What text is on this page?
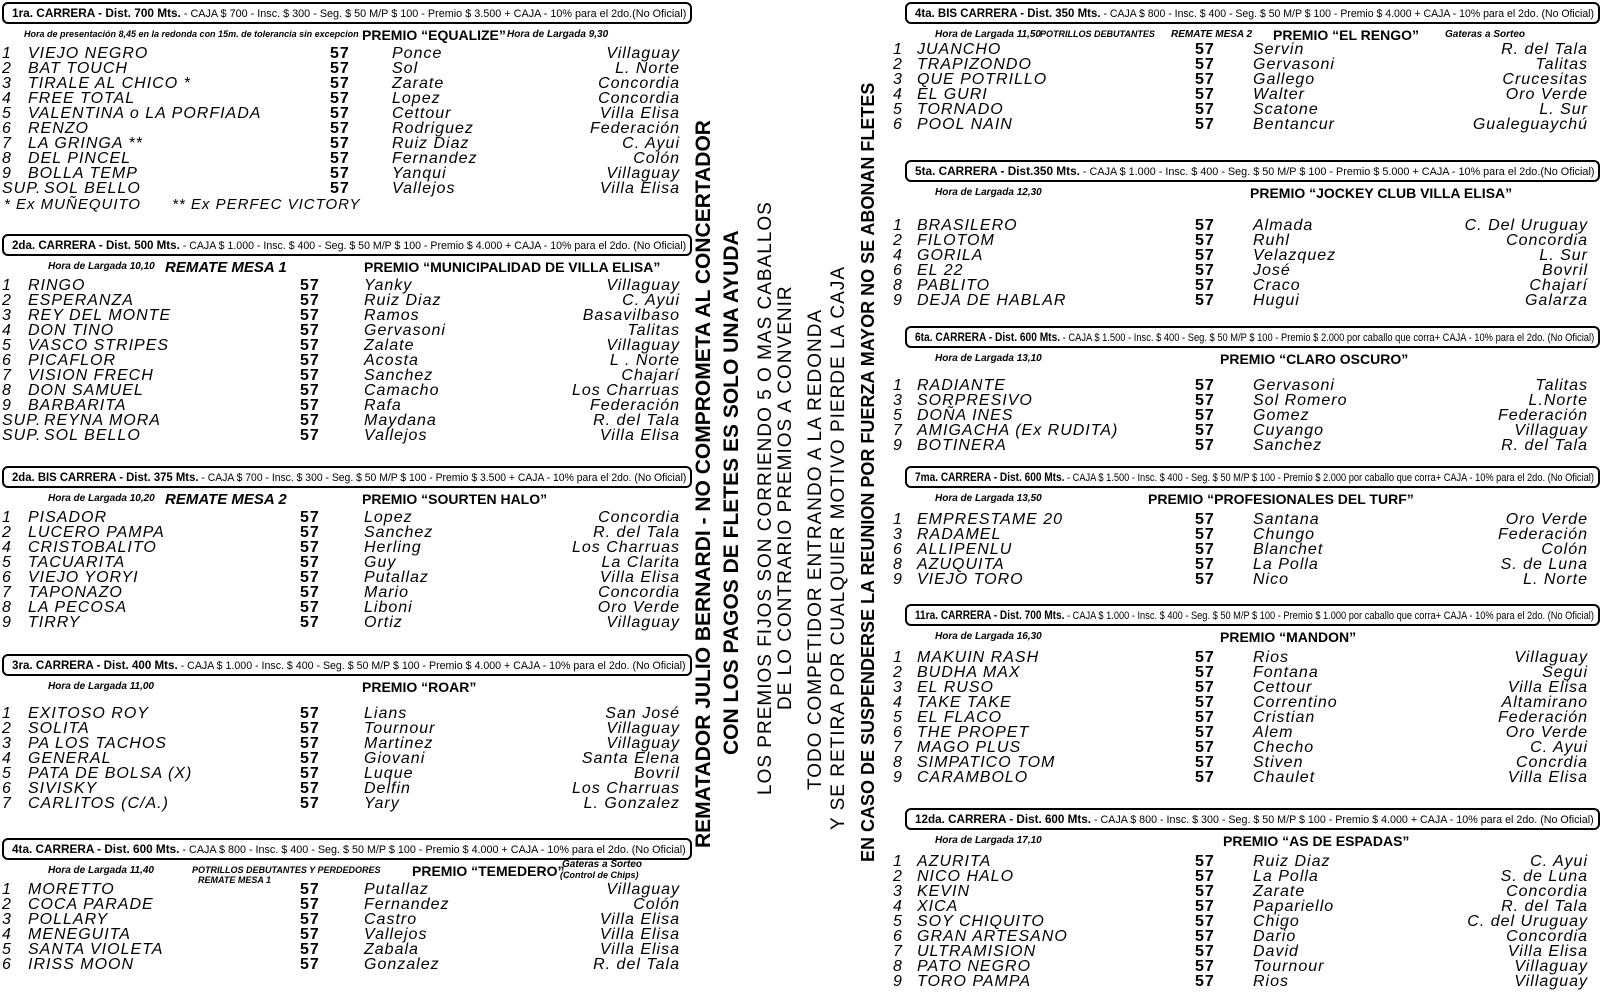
1ra. CARRERA - Dist. 700 Mts. - CAJA $ 700 - Insc. $ 300 - Seg. $ 50 M/P $ 100 - Premio $ 3.500 + CAJA - 10% para el 2do.(No Oficial)
Hora de presentación 8,45 en la redonda con 15m. de tolerancia sin excepcion	Hora de Largada 9,30
PREMIO “EQUALIZE”
1 VIEJO NEGRO	57	Ponce	Villaguay
2 BAT TOUCH	57	Sol	L. Norte
3 TIRALE AL CHICO *	57	Zarate	Concordia
4 FREE TOTAL	57	Lopez	Concordia
5 VALENTINA o LA PORFIADA	57	Cettour	Villa Elisa
6 RENZO	57	Rodriguez	Federación
7 LA GRINGA **	57	Ruiz Diaz	C. Ayui
8 DEL PINCEL	57	Fernandez	Colón
9 BOLLA TEMP	57	Yanqui	Villaguay
SUP. SOL BELLO	57	Vallejos	Villa Elisa
* Ex MUÑEQUITO      ** Ex PERFEC VICTORY
2da. CARRERA - Dist. 500 Mts. - CAJA $ 1.000 - Insc. $ 400 - Seg. $ 50 M/P $ 100 - Premio $ 4.000 + CAJA - 10% para el 2do. (No Oficial)
Hora de Largada 10,10 REMATE MESA 1	PREMIO “MUNICIPALIDAD DE VILLA ELISA”
1 RINGO	57	Yanky	Villaguay
2 ESPERANZA	57	Ruiz Diaz	C. Ayui
3 REY DEL MONTE	57	Ramos	Basavilbaso
4 DON TINO	57	Gervasoni	Talitas
5 VASCO STRIPES	57	Zalate	Villaguay
6 PICAFLOR	57	Acosta	L . Norte
7 VISION FRECH	57	Sanchez	Chajarí
8 DON SAMUEL	57	Camacho	Los Charruas
9 BARBARITA	57	Rafa	Federación
SUP. REYNA MORA	57	Maydana	R. del Tala
SUP. SOL BELLO	57	Vallejos	Villa Elisa
2da. BIS CARRERA - Dist. 375 Mts. - CAJA $ 700 - Insc. $ 300 - Seg. $ 50 M/P $ 100 - Premio $ 3.500 + CAJA - 10% para el 2do. (No Oficial)
Hora de Largada 10,20 REMATE MESA 2	PREMIO “SOURTEN HALO”
1 PISADOR	57	Lopez	Concordia
2 LUCERO PAMPA	57	Sanchez	R. del Tala
4 CRISTOBALITO	57	Herling	Los Charruas
5 TACUARITA	57	Guy	La Clarita
6 VIEJO YORYI	57	Putallaz	Villa Elisa
7 TAPONAZO	57	Mario	Concordia
8 LA PECOSA	57	Liboni	Oro Verde
9 TIRRY	57	Ortiz	Villaguay
3ra. CARRERA - Dist. 400 Mts. - CAJA $ 1.000 - Insc. $ 400 - Seg. $ 50 M/P $ 100 - Premio $ 4.000 + CAJA - 10% para el 2do. (No Oficial)
Hora de Largada 11,00	PREMIO “ROAR”
1 EXITOSO ROY	57	Lians	San José
2 SOLITA	57	Tournour	Villaguay
3 PA LOS TACHOS	57	Martinez	Villaguay
4 GENERAL	57	Giovani	Santa Elena
5 PATA DE BOLSA (X)	57	Luque	Bovril
6 SIVISKY	57	Delfin	Los Charruas
7 CARLITOS (C/A.)	57	Yary	L. Gonzalez
4ta. CARRERA - Dist. 600 Mts. - CAJA $ 800 - Insc. $ 400 - Seg. $ 50 M/P $ 100 - Premio $ 4.000 + CAJA - 10% para el 2do. (No Oficial)
Hora de Largada 11,40	POTRILLOS DEBUTANTES Y PERDEDORES
REMATE MESA 1
PREMIO “TEMEDERO”
Gateras a Sorteo
(Control de Chips)
1 MORETTO	57	Putallaz	Villaguay
2 COCA PARADE	57	Fernandez	Colón
3 POLLARY	57	Castro	Villa Elisa
4 MENEGUITA	57	Vallejos	Villa Elisa
5 SANTA VIOLETA	57	Zabala	Villa Elisa
6 IRISS MOON	57	Gonzalez	R. del Tala
4ta. BIS CARRERA - Dist. 350 Mts. - CAJA $ 800 - Insc. $ 400 - Seg. $ 50 M/P $ 100 - Premio $ 4.000 + CAJA - 10% para el 2do. (No Oficial)
Hora de Largada 11,50 POTRILLOS DEBUTANTES REMATE MESA 2 PREMIO “EL RENGO”	Gateras a Sorteo
1 JUANCHO	57 Servin	R. del Tala
2 TRAPIZONDO	57 Gervasoni	Talitas
3 QUE POTRILLO	57 Gallego	Crucesitas
4 EL GURI	57 Walter	Oro Verde
5 TORNADO	57 Scatone	L. Sur
6 POOL NAIN	57 Bentancur	Gualeguaychú
5ta. CARRERA - Dist.350 Mts. - CAJA $ 1.000 - Insc. $ 400 - Seg. $ 50 M/P $ 100 - Premio $ 5.000 + CAJA - 10% para el 2do.(No Oficial)
Hora de Largada 12,30	PREMIO “JOCKEY CLUB VILLA ELISA”
1 BRASILERO	57 Almada	C. Del Uruguay
2 FILOTOM	57 Ruhl	Concordia
4 GORILA	57 Velazquez	L. Sur
6 EL 22	57 José	Bovril
8 PABLITO	57 Craco	Chajarí
9 DEJA DE HABLAR	57 Hugui	Galarza
6ta. CARRERA - Dist. 600 Mts. - CAJA $ 1.500 - Insc. $ 400 - Seg. $ 50 M/P $ 100 - Premio $ 2.000 por caballo que corra+ CAJA - 10% para el 2do. (No Oficial)
Hora de Largada 13,10	PREMIO “CLARO OSCURO”
1 RADIANTE	57 Gervasoni	Talitas
3 SORPRESIVO	57 Sol Romero	L.Norte
5 DOÑA INES	57 Gomez	Federación
7 AMIGACHA (Ex RUDITA)	57 Cuyango	Villaguay
9 BOTINERA	57 Sanchez	R. del Tala
7ma. CARRERA - Dist. 600 Mts. - CAJA $ 1.500 - Insc. $ 400 - Seg. $ 50 M/P $ 100 - Premio $ 2.000 por caballo que corra+ CAJA - 10% para el 2do. (No Oficial)
Hora de Largada 13,50	PREMIO “PROFESIONALES DEL TURF”
1 EMPRESTAME 20	57 Santana	Oro Verde
3 RADAMEL	57 Chungo	Federación
6 ALLIPENLU	57 Blanchet	Colón
8 AZUQUITA	57 La Polla	S. de Luna
9 VIEJO TORO	57 Nico	L. Norte
11ra. CARRERA - Dist. 700 Mts. - CAJA $ 1.000 - Insc. $ 400 - Seg. $ 50 M/P $ 100 - Premio $ 1.000 por caballo que corra+ CAJA - 10% para el 2do. (No Oficial)
Hora de Largada 16,30	PREMIO “MANDON”
1 MAKUIN RASH	57 Rios	Villaguay
2 BUDHA MAX	57 Fontana	Segui
3 EL RUSO	57 Cettour	Villa Elisa
4 TAKE TAKE	57 Correntino	Altamirano
5 EL FLACO	57 Cristian	Federación
6 THE PROPET	57 Alem	Oro Verde
7 MAGO PLUS	57 Checho	C. Ayui
8 SIMPATICO TOM	57 Stiven	Concrdia
9 CARAMBOLO	57 Chaulet	Villa Elisa
12da. CARRERA - Dist. 600 Mts. - CAJA $ 800 - Insc. $ 300 - Seg. $ 50 M/P $ 100 - Premio $ 4.000 + CAJA - 10% para el 2do. (No Oficial)
Hora de Largada 17,10	PREMIO “AS DE ESPADAS”
1 AZURITA	57 Ruiz Diaz	C. Ayui
2 NICO HALO	57 La Polla	S. de Luna
3 KEVIN	57 Zarate	Concordia
4 XICA	57 Papariello	R. del Tala
5 SOY CHIQUITO	57 Chigo	C. del Uruguay
6 GRAN ARTESANO	57 Dario	Concordia
7 ULTRAMISION	57 David	Villa Elisa
8 PATO NEGRO	57 Tournour	Villaguay
9 TORO PAMPA	57 Rios	Villaguay
REMATADOR JULIO BERNARDI - NO COMPROMETA AL CONCERTADOR CON LOS PAGOS DE FLETES ES SOLO UNA AYUDA LOS PREMIOS FIJOS SON CORRIENDO 5 O MAS CABALLOS DE LO CONTRARIO PREMIOS A CONVENIR TODO COMPETIDOR ENTRANDO A LA REDONDA Y SE RETIRA POR CUALQUIER MOTIVO PIERDE LA CAJA EN CASO DE SUSPENDERSE LA REUNION POR FUERZA MAYOR NO SE ABONAN FLETES
